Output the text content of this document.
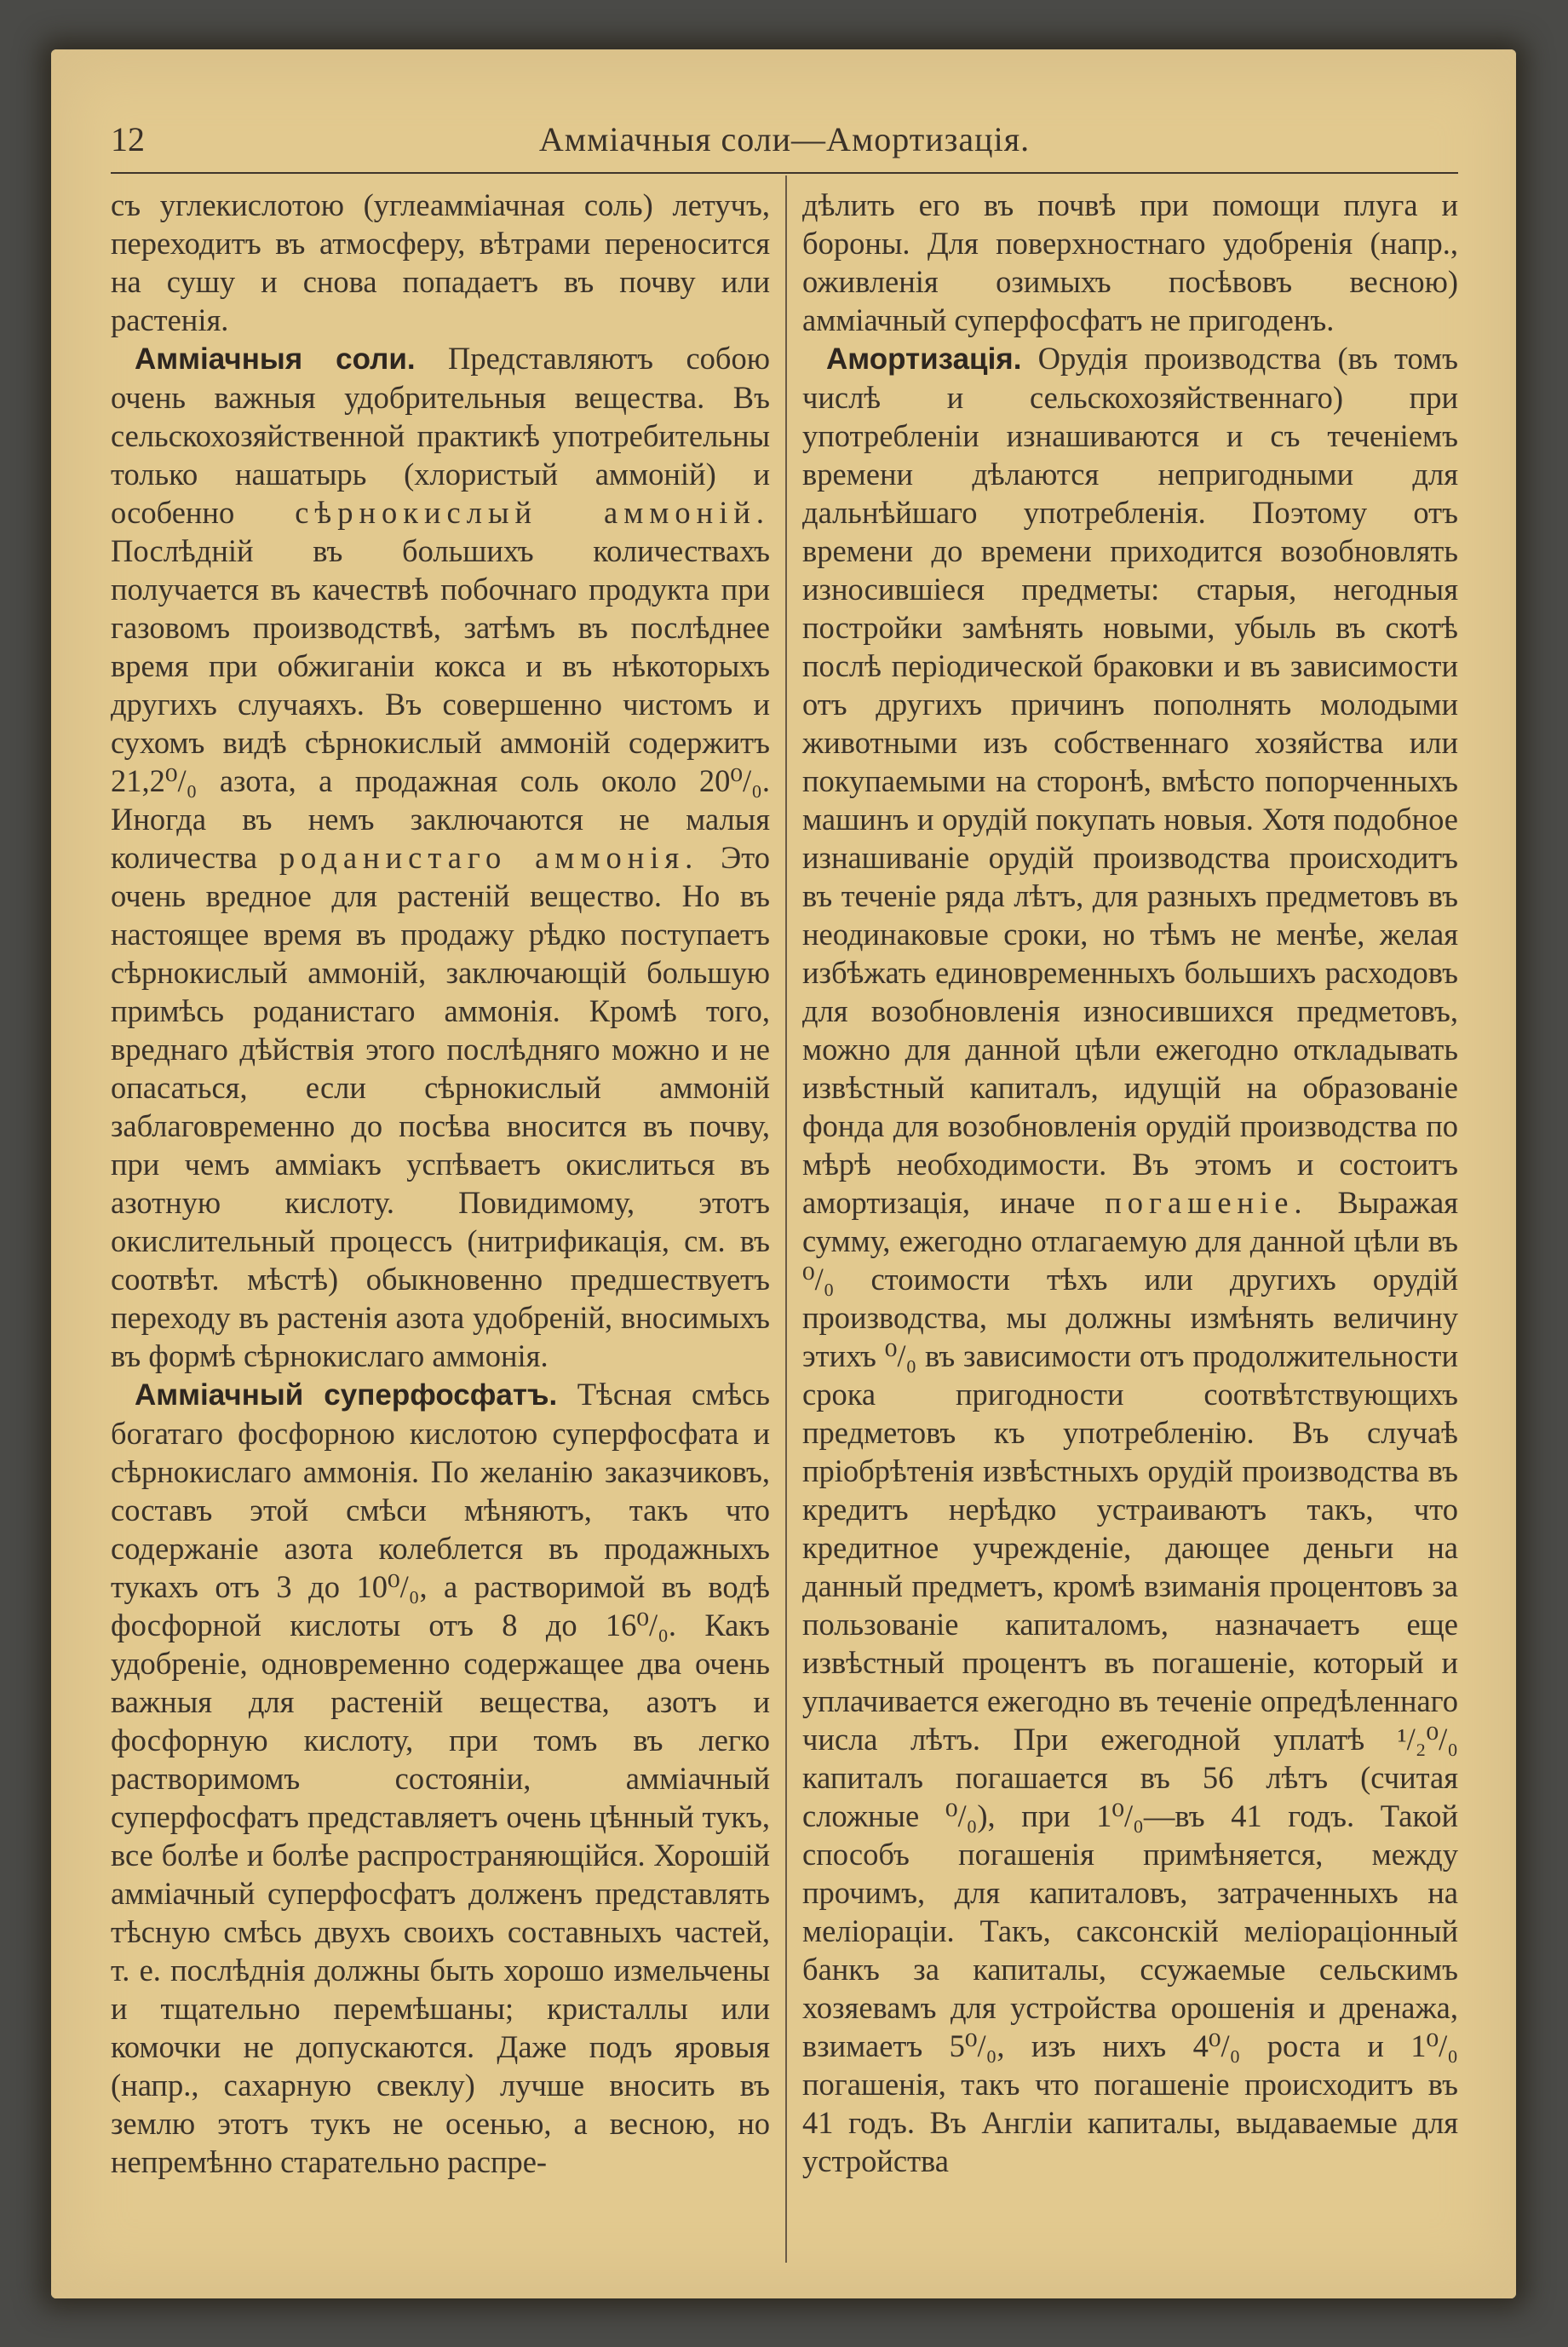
12	Амміачныя соли—Амортизація.

съ углекислотою (углеамміачная соль) летучъ, переходитъ въ атмосферу, вѣтрами переносится на сушу и снова попадаетъ въ почву или растенія.

Амміачныя соли. Представляютъ собою очень важныя удобрительныя вещества. Въ сельскохозяйственной практикѣ употребительны только нашатырь (хлористый аммоній) и особенно сѣрнокислый аммоній. Послѣдній въ большихъ количествахъ получается въ качествѣ побочнаго продукта при газовомъ производствѣ, затѣмъ въ послѣднее время при обжиганіи кокса и въ нѣкоторыхъ другихъ случаяхъ. Въ совершенно чистомъ и сухомъ видѣ сѣрнокислый аммоній содержитъ 21,2⁰/₀ азота, а продажная соль около 20⁰/₀. Иногда въ немъ заключаются не малыя количества роданистаго аммонія. Это очень вредное для растеній вещество. Но въ настоящее время въ продажу рѣдко поступаетъ сѣрнокислый аммоній, заключающій большую примѣсь роданистаго аммонія. Кромѣ того, вреднаго дѣйствія этого послѣдняго можно и не опасаться, если сѣрнокислый аммоній заблаговременно до посѣва вносится въ почву, при чемъ амміакъ успѣваетъ окислиться въ азотную кислоту. Повидимому, этотъ окислительный процессъ (нитрификація, см. въ соотвѣт. мѣстѣ) обыкновенно предшествуетъ переходу въ растенія азота удобреній, вносимыхъ въ формѣ сѣрнокислаго аммонія.

Амміачный суперфосфатъ. Тѣсная смѣсь богатаго фосфорною кислотою суперфосфата и сѣрнокислаго аммонія. По желанію заказчиковъ, составъ этой смѣси мѣняютъ, такъ что содержаніе азота колеблется въ продажныхъ тукахъ отъ 3 до 10⁰/₀, а растворимой въ водѣ фосфорной кислоты отъ 8 до 16⁰/₀. Какъ удобреніе, одновременно содержащее два очень важныя для растеній вещества, азотъ и фосфорную кислоту, при томъ въ легко растворимомъ состояніи, амміачный суперфосфатъ представляетъ очень цѣнный тукъ, все болѣе и болѣе распространяющійся. Хорошій амміачный суперфосфатъ долженъ представлять тѣсную смѣсь двухъ своихъ составныхъ частей, т. е. послѣднія должны быть хорошо измельчены и тщательно перемѣшаны; кристаллы или комочки не допускаются. Даже подъ яровыя (напр., сахарную свеклу) лучше вносить въ землю этотъ тукъ не осенью, а весною, но непремѣнно старательно распре-

дѣлить его въ почвѣ при помощи плуга и бороны. Для поверхностнаго удобренія (напр., оживленія озимыхъ посѣвовъ весною) амміачный суперфосфатъ не пригоденъ.

Амортизація. Орудія производства (въ томъ числѣ и сельскохозяйственнаго) при употребленіи изнашиваются и съ теченіемъ времени дѣлаются непригодными для дальнѣйшаго употребленія. Поэтому отъ времени до времени приходится возобновлять износившіеся предметы: старыя, негодныя постройки замѣнять новыми, убыль въ скотѣ послѣ періодической браковки и въ зависимости отъ другихъ причинъ пополнять молодыми животными изъ собственнаго хозяйства или покупаемыми на сторонѣ, вмѣсто попорченныхъ машинъ и орудій покупать новыя. Хотя подобное изнашиваніе орудій производства происходитъ въ теченіе ряда лѣтъ, для разныхъ предметовъ въ неодинаковые сроки, но тѣмъ не менѣе, желая избѣжать единовременныхъ большихъ расходовъ для возобновленія износившихся предметовъ, можно для данной цѣли ежегодно откладывать извѣстный капиталъ, идущій на образованіе фонда для возобновленія орудій производства по мѣрѣ необходимости. Въ этомъ и состоитъ амортизація, иначе погашеніе. Выражая сумму, ежегодно отлагаемую для данной цѣли въ ⁰/₀ стоимости тѣхъ или другихъ орудій производства, мы должны измѣнять величину этихъ ⁰/₀ въ зависимости отъ продолжительности срока пригодности соотвѣтствующихъ предметовъ къ употребленію. Въ случаѣ пріобрѣтенія извѣстныхъ орудій производства въ кредитъ нерѣдко устраиваютъ такъ, что кредитное учрежденіе, дающее деньги на данный предметъ, кромѣ взиманія процентовъ за пользованіе капиталомъ, назначаетъ еще извѣстный процентъ въ погашеніе, который и уплачивается ежегодно въ теченіе опредѣленнаго числа лѣтъ. При ежегодной уплатѣ ¹/₂⁰/₀ капиталъ погашается въ 56 лѣтъ (считая сложные ⁰/₀), при 1⁰/₀—въ 41 годъ. Такой способъ погашенія примѣняется, между прочимъ, для капиталовъ, затраченныхъ на меліораціи. Такъ, саксонскій меліораціонный банкъ за капиталы, ссужаемые сельскимъ хозяевамъ для устройства орошенія и дренажа, взимаетъ 5⁰/₀, изъ нихъ 4⁰/₀ роста и 1⁰/₀ погашенія, такъ что погашеніе происходитъ въ 41 годъ. Въ Англіи капиталы, выдаваемые для устройства
